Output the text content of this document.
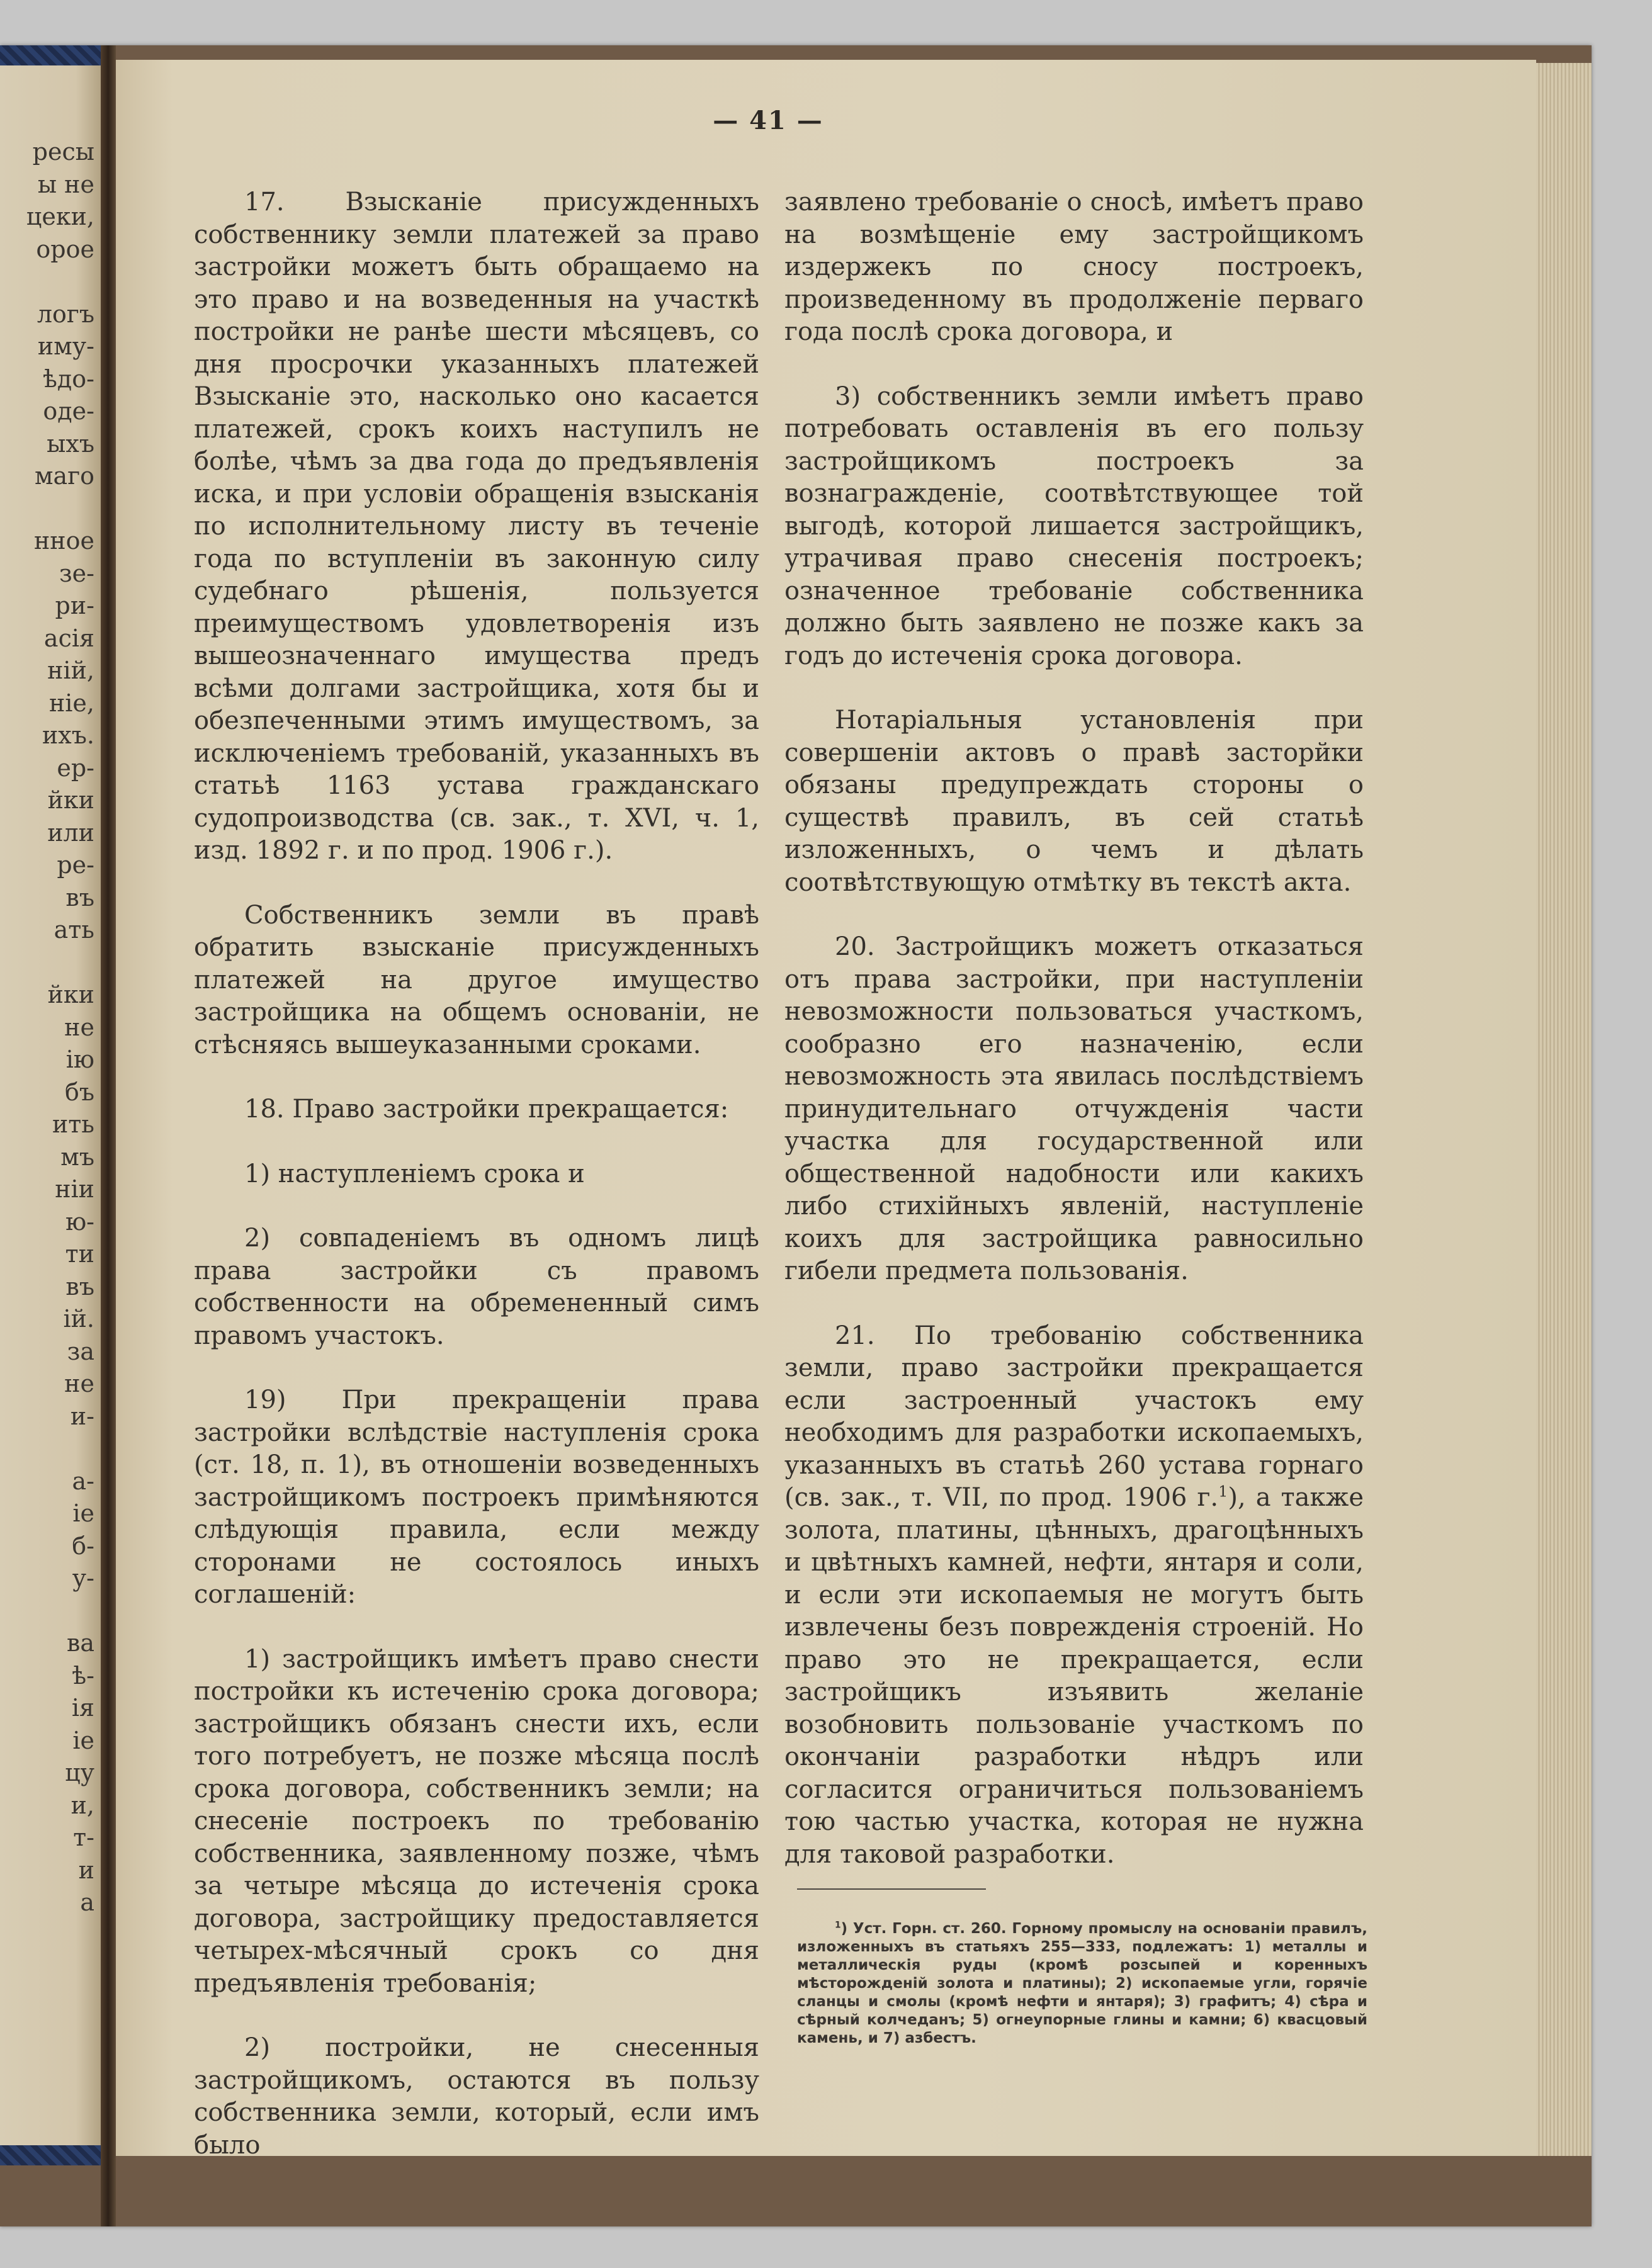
ресы
ы не
цеки,
орое
логъ
иму-
ѣдо-
оде-
ыхъ
маго
нное
зе-
ри-
асія
ній,
ніе,
ихъ.
ер-
йки
или
ре-
въ
ать
йки
не
ію
бъ
ить
мъ
ніи
ю-
ти
въ
ій.
за
не
и-
а-
іе
б-
у-
ва
ѣ-
ія
іе
цу
и,
т-
и
а
— 41 —

17. Взысканіе присужденныхъ собственнику земли платежей за право застройки можетъ быть обращаемо на это право и на возведенныя на участкѣ постройки не ранѣе шести мѣсяцевъ, со дня просрочки указанныхъ платежей Взысканіе это, насколько оно касается платежей, срокъ коихъ наступилъ не болѣе, чѣмъ за два года до предъявленія иска, и при условіи обращенія взысканія по исполнительному листу въ теченіе года по вступленіи въ законную силу судебнаго рѣшенія, пользуется преимуществомъ удовлетворенія изъ вышеозначеннаго имущества предъ всѣми долгами застройщика, хотя бы и обезпеченными этимъ имуществомъ, за исключеніемъ требованій, указанныхъ въ статьѣ 1163 устава гражданскаго судопроизводства (св. зак., т. XVI, ч. 1, изд. 1892 г. и по прод. 1906 г.).

Собственникъ земли въ правѣ обратить взысканіе присужденныхъ платежей на другое имущество застройщика на общемъ основаніи, не стѣсняясь вышеуказанными сроками.

18. Право застройки прекращается:

1) наступленіемъ срока и

2) совпаденіемъ въ одномъ лицѣ права застройки съ правомъ собственности на обремененный симъ правомъ участокъ.

19) При прекращеніи права застройки вслѣдствіе наступленія срока (ст. 18, п. 1), въ отношеніи возведенныхъ застройщикомъ построекъ примѣняются слѣдующія правила, если между сторонами не состоялось иныхъ соглашеній:

1) застройщикъ имѣетъ право снести постройки къ истеченію срока договора; застройщикъ обязанъ снести ихъ, если того потребуетъ, не позже мѣсяца послѣ срока договора, собственникъ земли; на снесеніе построекъ по требованію собственника, заявленному позже, чѣмъ за четыре мѣсяца до истеченія срока договора, застройщику предоставляется четырех-мѣсячный срокъ со дня предъявленія требованія;

2) постройки, не снесенныя застройщикомъ, остаются въ пользу собственника земли, который, если имъ было

заявлено требованіе о сносѣ, имѣетъ право на возмѣщеніе ему застройщикомъ издержекъ по сносу построекъ, произведенному въ продолженіе перваго года послѣ срока договора, и

3) собственникъ земли имѣетъ право потребовать оставленія въ его пользу застройщикомъ построекъ за вознагражденіе, соотвѣтствующее той выгодѣ, которой лишается застройщикъ, утрачивая право снесенія построекъ; означенное требованіе собственника должно быть заявлено не позже какъ за годъ до истеченія срока договора.

Нотаріальныя установленія при совершеніи актовъ о правѣ засторйки обязаны предупреждать стороны о существѣ правилъ, въ сей статьѣ изложенныхъ, о чемъ и дѣлать соотвѣтствующую отмѣтку въ текстѣ акта.

20. Застройщикъ можетъ отказаться отъ права застройки, при наступленіи невозможности пользоваться участкомъ, сообразно его назначенію, если невозможность эта явилась послѣдствіемъ принудительнаго отчужденія части участка для государственной или общественной надобности или какихъ либо стихійныхъ явленій, наступленіе коихъ для застройщика равносильно гибели предмета пользованія.

21. По требованію собственника земли, право застройки прекращается если застроенный участокъ ему необходимъ для разработки ископаемыхъ, указанныхъ въ статьѣ 260 устава горнаго (св. зак., т. VII, по прод. 1906 г.$^1$), а также золота, платины, цѣнныхъ, драгоцѣнныхъ и цвѣтныхъ камней, нефти, янтаря и соли, и если эти ископаемыя не могутъ быть извлечены безъ поврежденія строеній. Но право это не прекращается, если застройщикъ изъявить желаніе возобновить пользованіе участкомъ по окончаніи разработки нѣдръ или согласится ограничиться пользованіемъ тою частью участка, которая не нужна для таковой разработки.

$^1$) Уст. Горн. ст. 260. Горному промыслу на основаніи правилъ, изложенныхъ въ статьяхъ 255—333, подлежатъ: 1) металлы и металлическія руды (кромѣ розсыпей и коренныхъ мѣсторожденій золота и платины); 2) ископаемые угли, горячіе сланцы и смолы (кромѣ нефти и янтаря); 3) графитъ; 4) сѣра и сѣрный колчеданъ; 5) огнеупорные глины и камни; 6) квасцовый камень, и 7) азбестъ.
